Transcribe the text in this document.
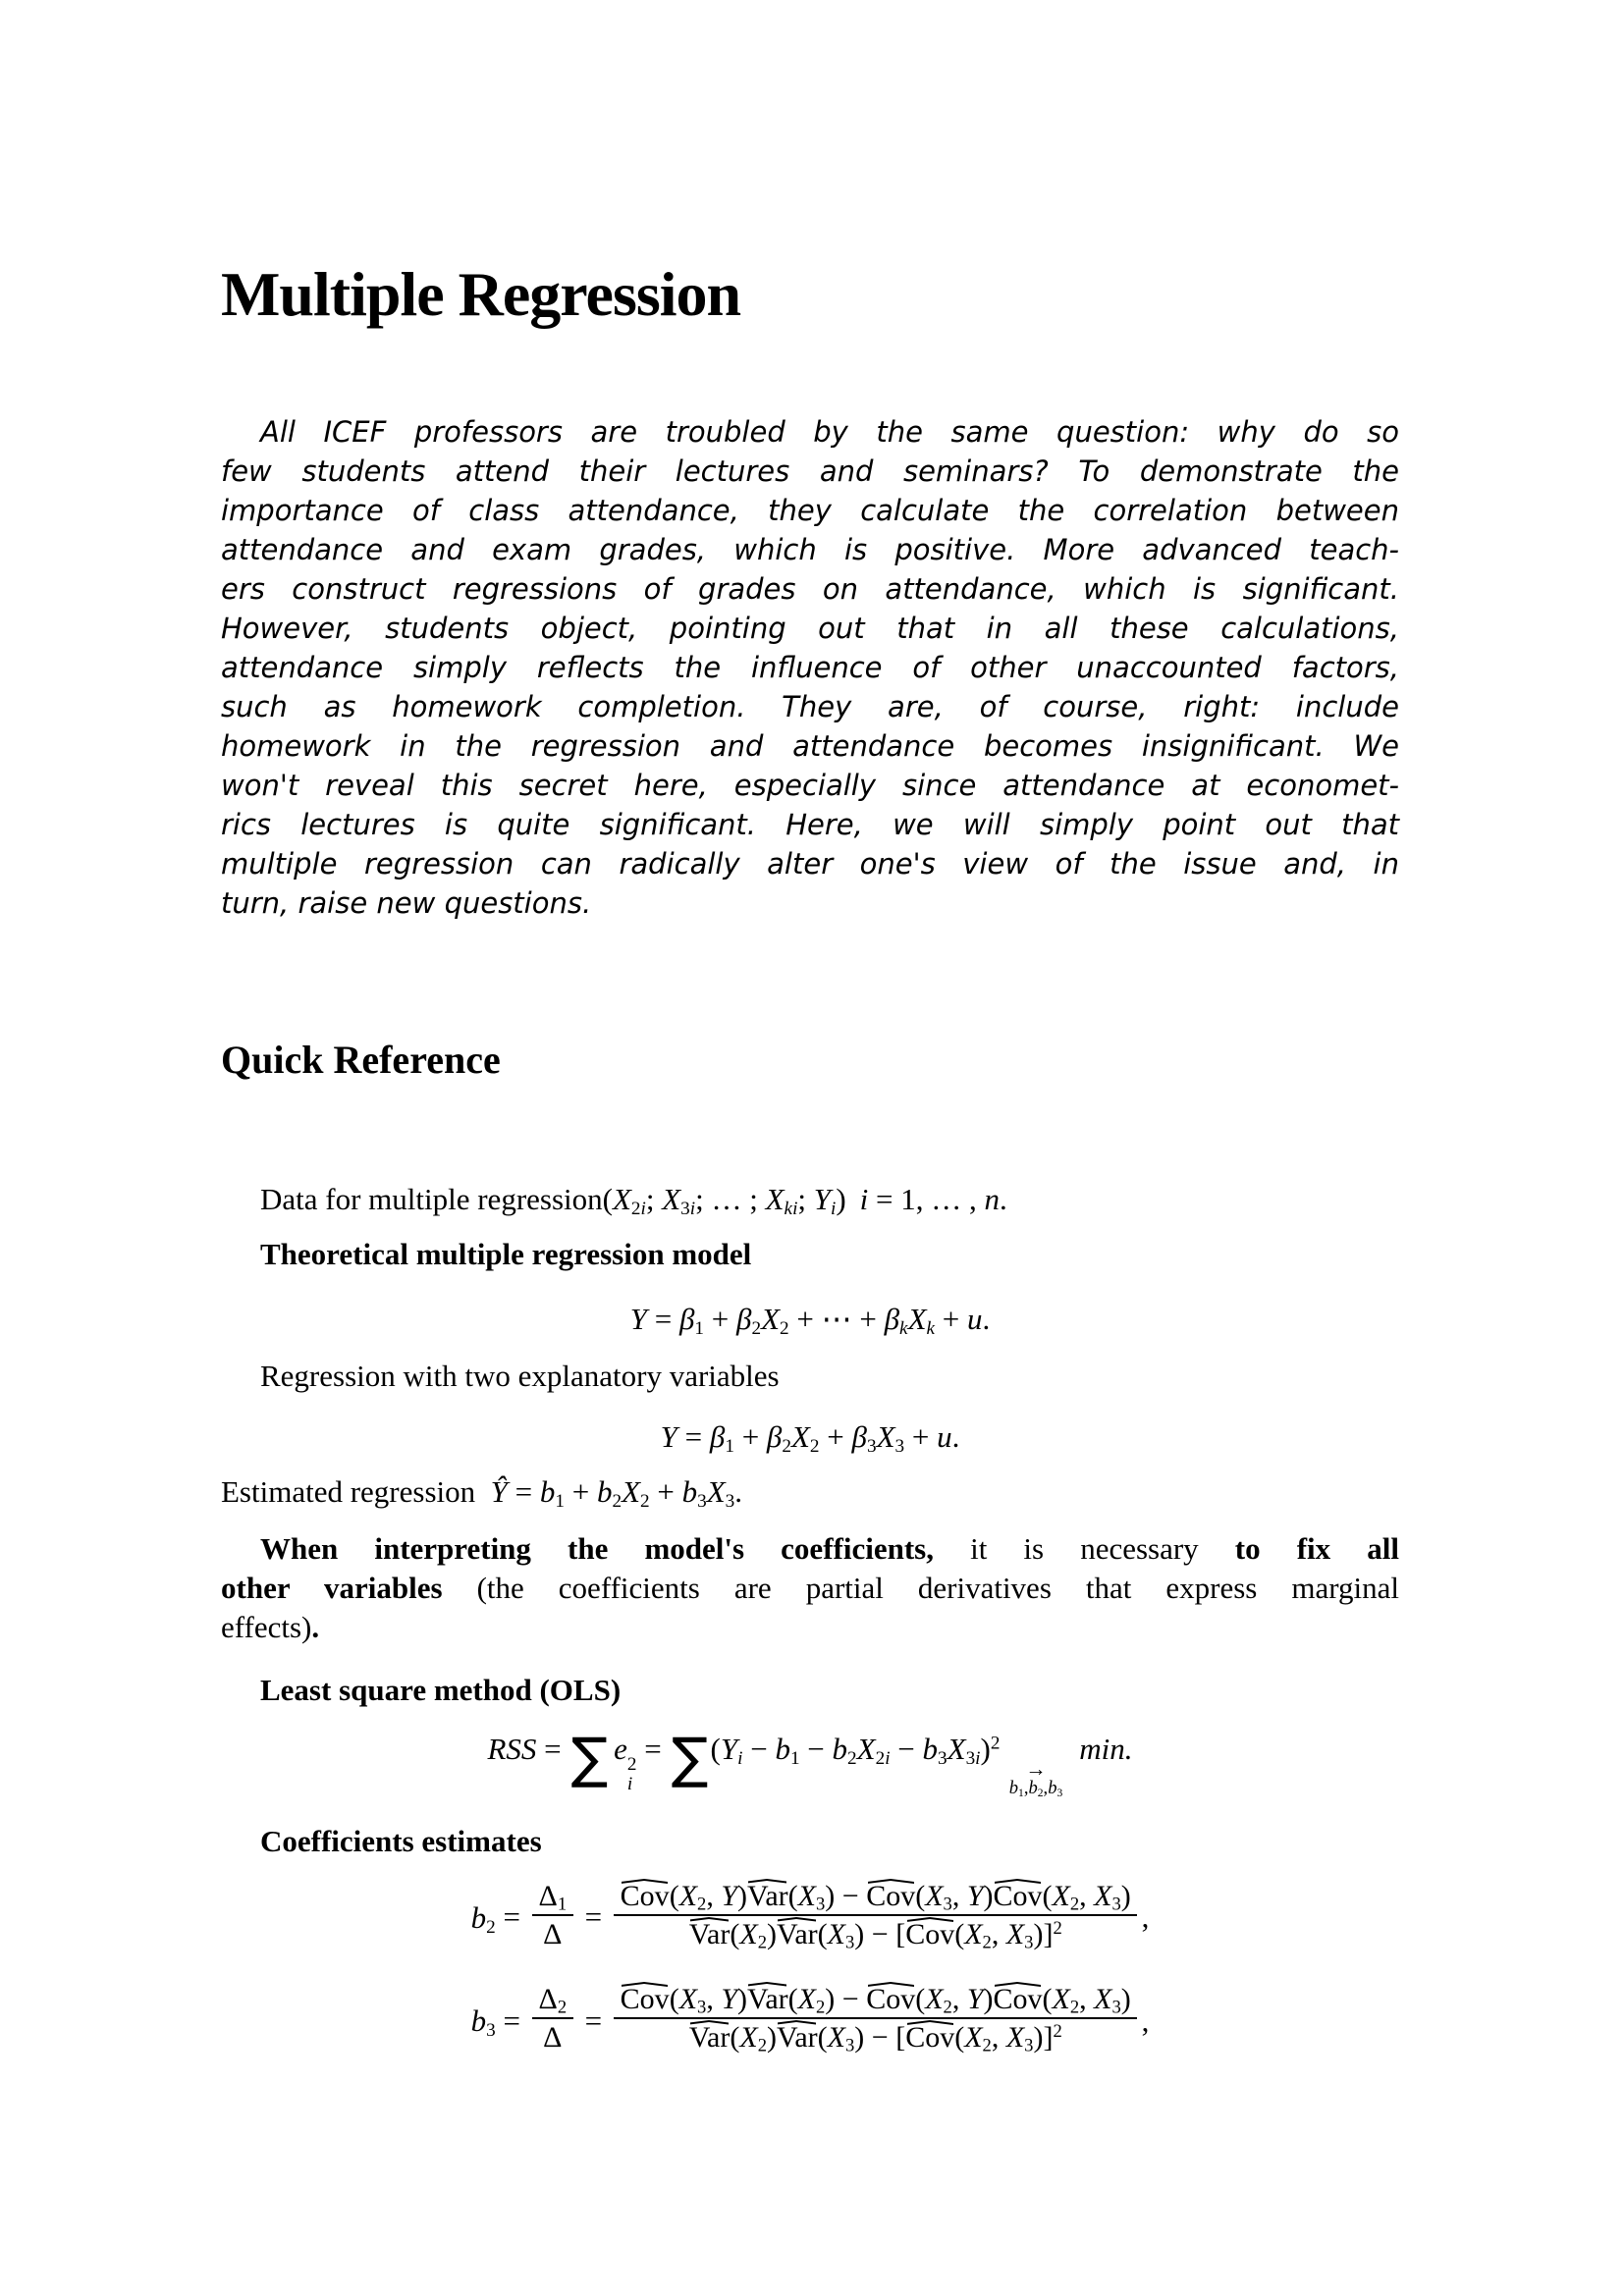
Multiple Regression
All ICEF professors are troubled by the same question: why do so
few students attend their lectures and seminars? To demonstrate the
importance of class attendance, they calculate the correlation between
attendance and exam grades, which is positive. More advanced teach-
ers construct regressions of grades on attendance, which is significant.
However, students object, pointing out that in all these calculations,
attendance simply reflects the influence of other unaccounted factors,
such as homework completion. They are, of course, right: include
homework in the regression and attendance becomes insignificant. We
won't reveal this secret here, especially since attendance at economet-
rics lectures is quite significant. Here, we will simply point out that
multiple regression can radically alter one's view of the issue and, in
turn, raise new questions.
Quick Reference
Data for multiple $regression(X_{2i}$; $X_{3i}$; … ; $X_{ki}$; $Y_i$) i = 1, … , n.
Theoretical multiple regression model
$Y = \beta_1 + \beta_2X_2$ + ⋯ + $\beta_kX_k + u$.
Regression with two explanatory variables
$Y = \beta_1 + \beta_2X_2 + \beta_3X_3 + u$.
Estimated regression Ŷ = $b_1 + b_2X_2 + b_3X_3$.
When interpreting the model's coefficients, it is necessary to fix all
other variables (the coefficients are partial derivatives that express marginal
effects).
Least square method (OLS)
RSS = ∑ e 2
i
= $\sum(Y_i - b_1 - b_2X_{2i} - b_3X_{3i})^2$
→
$b_1,b_2,b_3$
min.
Coefficients estimates
$b_2 = \frac{\Delta_1}{\Delta} = \frac{Cov(X_2, Y)Var(X_3) - Cov(X_3, Y)Cov(X_2, X_3)}{Var(X_2)Var(X_3) - [Cov(X_2, X_3)]^2}$ ,
$b_3 = \frac{\Delta_2}{\Delta} = \frac{Cov(X_3, Y)Var(X_2) - Cov(X_2, Y)Cov(X_2, X_3)}{Var(X_2)Var(X_3) - [Cov(X_2, X_3)]^2}$ ,
